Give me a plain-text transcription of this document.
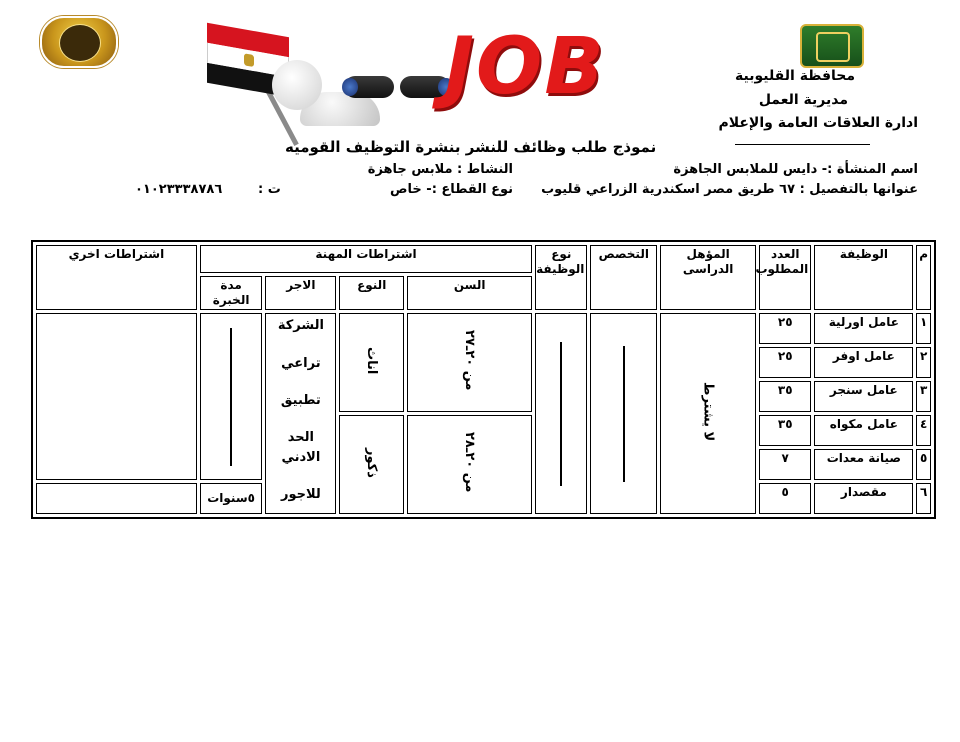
JOB	محافظة القليوبية
مديرية العمل
ادارة العلاقات العامة والإعلام
نموذج طلب وظائف للنشر بنشرة التوظيف القوميه
اسم المنشأة :- دايس للملابس الجاهزة
النشاط : ملابس جاهزة
عنوانها بالتفصيل : ٦٧ طريق مصر اسكندرية الزراعي قليوب
نوع القطاع :- خاص
ت :
٠١٠٢٣٣٣٨٧٨٦
م	الوظيفة	العدد المطلوب	المؤهل الدراسى	التخصص	نوع الوظيفة	اشتراطات المهنة				اشتراطات اخري
						السن	النوع	الاجر	مدة الخبرة	
١	عامل اورلية	٢٥	لا يشترط			من ٢٠ـ٢٧	اناث	الشركة
تراعي
تطبيق
الحد الادني
للاجور		

٢	عامل اوفر	٢٥								
٣	عامل سنجر	٣٥								
٤	عامل مكواه	٣٥				من ٢٠ـ٢٨	ذكور			
٥	صيانة معدات	٧								
٦	مقصدار	٥							٥سنوات	
